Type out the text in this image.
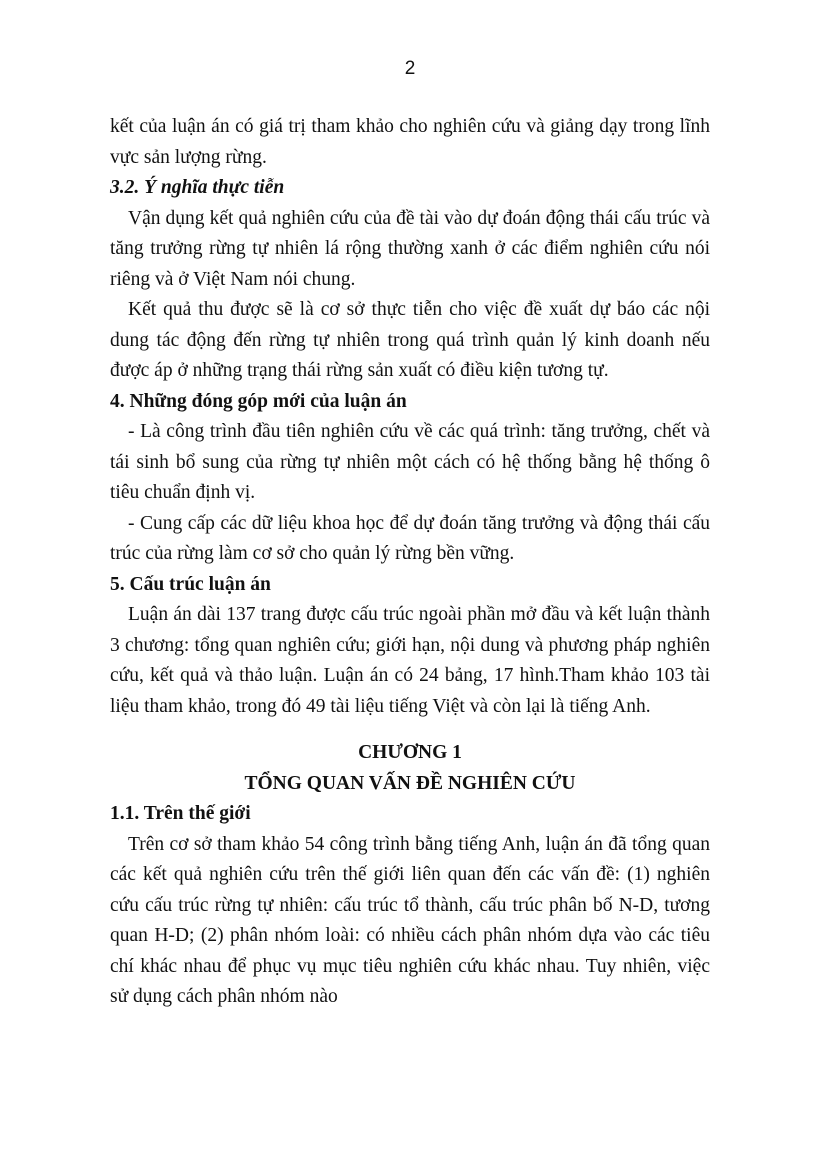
2

kết của luận án có giá trị tham khảo cho nghiên cứu và giảng dạy trong lĩnh vực sản lượng rừng.

3.2. Ý nghĩa thực tiễn

Vận dụng kết quả nghiên cứu của đề tài vào dự đoán động thái cấu trúc và tăng trưởng rừng tự nhiên lá rộng thường xanh ở các điểm nghiên cứu nói riêng và ở Việt Nam nói chung.

Kết quả thu được sẽ là cơ sở thực tiễn cho việc đề xuất dự báo các nội dung tác động đến rừng tự nhiên trong quá trình quản lý kinh doanh nếu được áp ở những trạng thái rừng sản xuất có điều kiện tương tự.

4. Những đóng góp mới của luận án

- Là công trình đầu tiên nghiên cứu về các quá trình: tăng trưởng, chết và tái sinh bổ sung của rừng tự nhiên một cách có hệ thống bằng hệ thống ô tiêu chuẩn định vị.

- Cung cấp các dữ liệu khoa học để dự đoán tăng trưởng và động thái cấu trúc của rừng làm cơ sở cho quản lý rừng bền vững.

5. Cấu trúc luận án

Luận án dài 137 trang được cấu trúc ngoài phần mở đầu và kết luận thành 3 chương: tổng quan nghiên cứu; giới hạn, nội dung và phương pháp nghiên cứu, kết quả và thảo luận. Luận án có 24 bảng, 17 hình.Tham khảo 103 tài liệu tham khảo, trong đó 49 tài liệu tiếng Việt và còn lại là tiếng Anh.

CHƯƠNG 1
TỔNG QUAN VẤN ĐỀ NGHIÊN CỨU
1.1. Trên thế giới

Trên cơ sở tham khảo 54 công trình bằng tiếng Anh, luận án đã tổng quan các kết quả nghiên cứu trên thế giới liên quan đến các vấn đề: (1) nghiên cứu cấu trúc rừng tự nhiên: cấu trúc tổ thành, cấu trúc phân bố N-D, tương quan H-D; (2) phân nhóm loài: có nhiều cách phân nhóm dựa vào các tiêu chí khác nhau để phục vụ mục tiêu nghiên cứu khác nhau. Tuy nhiên, việc sử dụng cách phân nhóm nào
